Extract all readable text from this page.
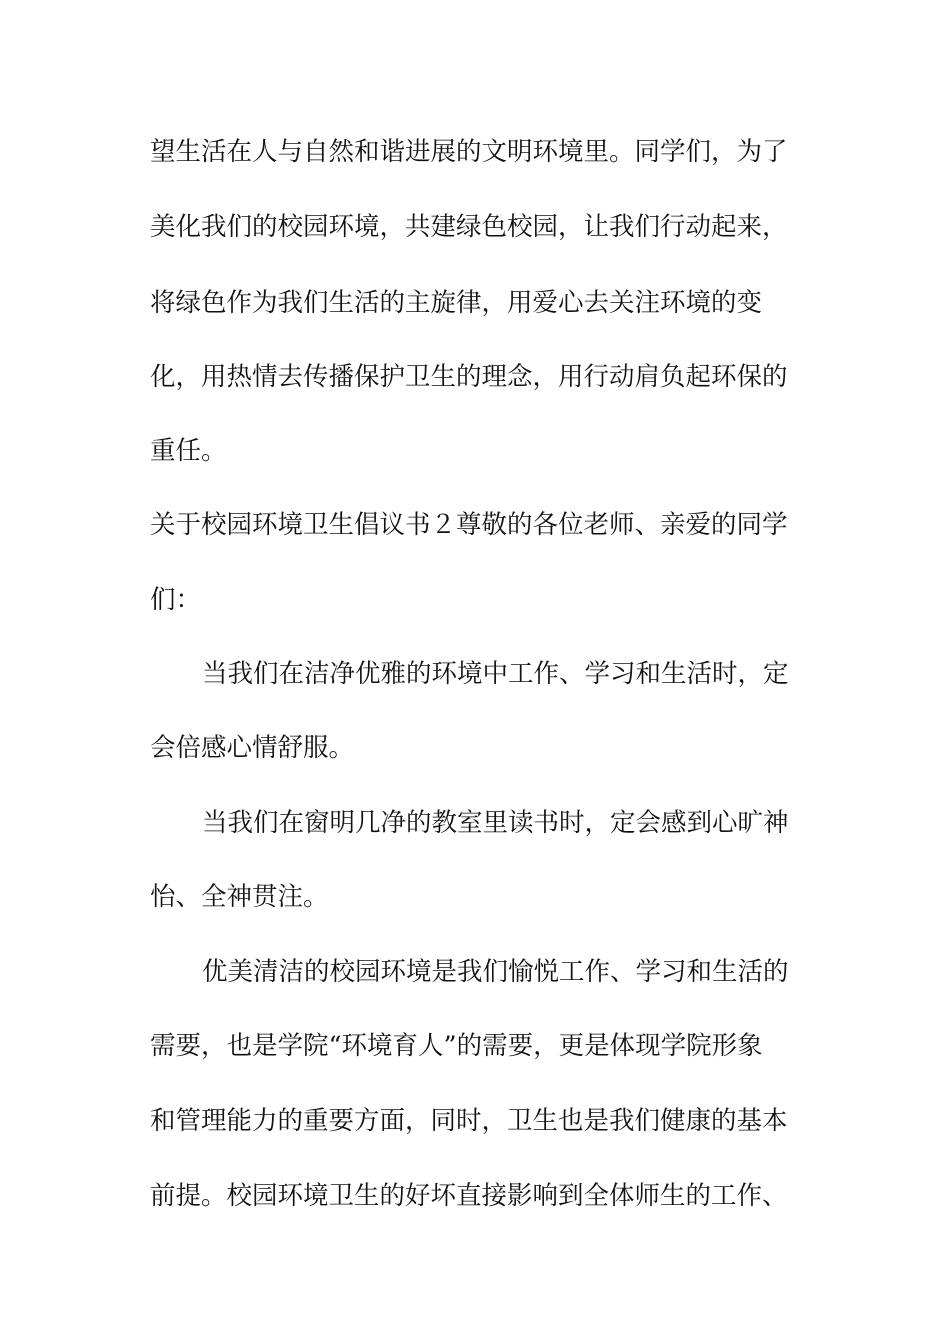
望生活在人与自然和谐进展的文明环境里。同学们，为了
美化我们的校园环境，共建绿色校园，让我们行动起来，
将绿色作为我们生活的主旋律，用爱心去关注环境的变
化，用热情去传播保护卫生的理念，用行动肩负起环保的
重任。
关于校园环境卫生倡议书２尊敬的各位老师、亲爱的同学
们：
当我们在洁净优雅的环境中工作、学习和生活时，定
会倍感心情舒服。
当我们在窗明几净的教室里读书时，定会感到心旷神
怡、全神贯注。
优美清洁的校园环境是我们愉悦工作、学习和生活的
需要，也是学院“环境育人”的需要，更是体现学院形象
和管理能力的重要方面，同时，卫生也是我们健康的基本
前提。校园环境卫生的好坏直接影响到全体师生的工作、
